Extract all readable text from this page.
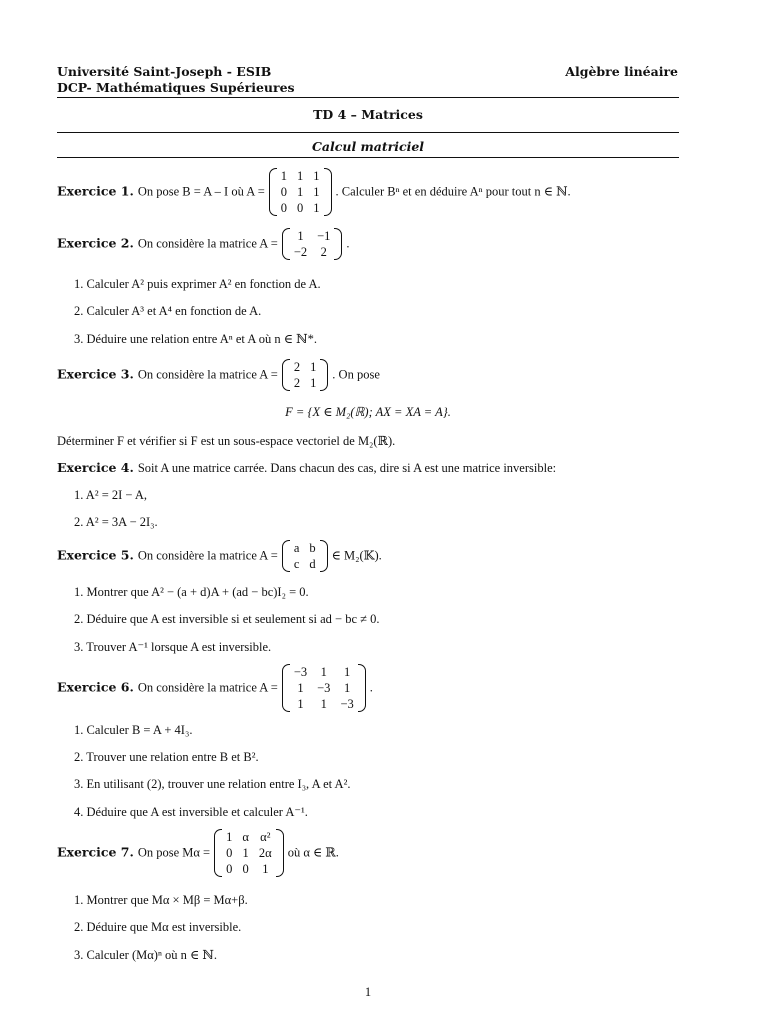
Université Saint-Joseph - ESIB
DCP- Mathématiques Supérieures
Algèbre linéaire
TD 4 – Matrices
Calcul matriciel
Exercice 1. On pose B = A – I où A =
1	1	1
0	1	1
0	0	1
. Calculer Bⁿ et en déduire Aⁿ pour tout n ∈ ℕ.
Exercice 2. On considère la matrice A =
1	−1
−2	2
.
1. Calculer A² puis exprimer A² en fonction de A.
2. Calculer A³ et A⁴ en fonction de A.
3. Déduire une relation entre Aⁿ et A où n ∈ ℕ*.
Exercice 3. On considère la matrice A =
2	1
2	1
. On pose
F = {X ∈ M₂(ℝ); AX = XA = A}.
Déterminer F et vérifier si F est un sous-espace vectoriel de M₂(ℝ).
Exercice 4. Soit A une matrice carrée. Dans chacun des cas, dire si A est une matrice inversible:
1. A² = 2I − A,
2. A² = 3A − 2I₃.
Exercice 5. On considère la matrice A =
a	b
c	d
∈ M₂(𝕂).
1. Montrer que A² − (a + d)A + (ad − bc)I₂ = 0.
2. Déduire que A est inversible si et seulement si ad − bc ≠ 0.
3. Trouver A⁻¹ lorsque A est inversible.
Exercice 6. On considère la matrice A =
−3	1	1
1	−3	1
1	1	−3
.
1. Calculer B = A + 4I₃.
2. Trouver une relation entre B et B².
3. En utilisant (2), trouver une relation entre I₃, A et A².
4. Déduire que A est inversible et calculer A⁻¹.
Exercice 7. On pose Mα =
1	α	α²
0	1	2α
0	0	1
où α ∈ ℝ.
1. Montrer que Mα × Mβ = Mα+β.
2. Déduire que Mα est inversible.
3. Calculer (Mα)ⁿ où n ∈ ℕ.
1
